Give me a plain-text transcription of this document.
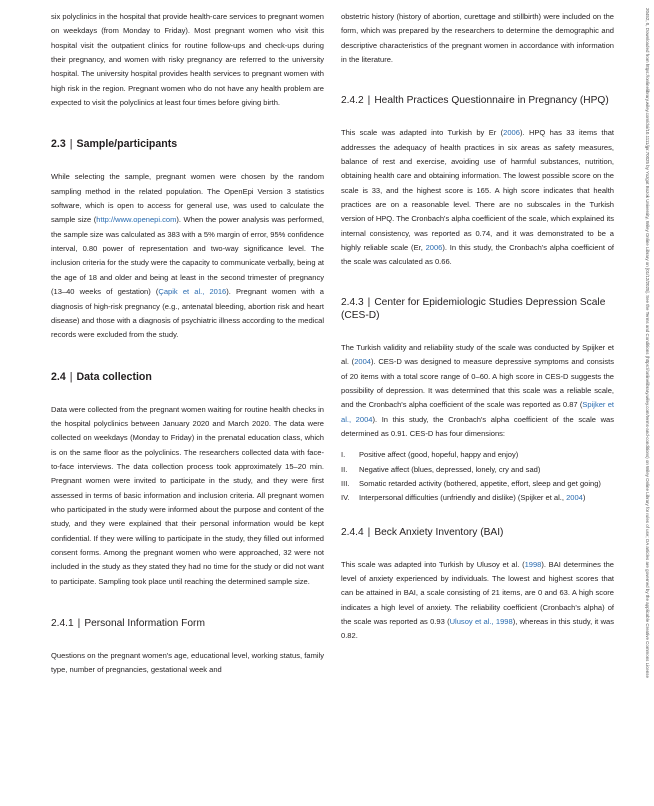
six polyclinics in the hospital that provide health-care services to pregnant women on weekdays (from Monday to Friday). Most pregnant women who visit this hospital visit the outpatient clinics for routine follow-ups and check-ups during their pregnancy, and women with risky pregnancy are referred to the university hospital. The university hospital provides health services to pregnant women with high risk in the region. Pregnant women who do not have any health problem are expected to visit the polyclinics at least four times before giving birth.

2.3 | Sample/participants

While selecting the sample, pregnant women were chosen by the random sampling method in the related population. The OpenEpi Version 3 statistics software, which is open to access for general use, was used to calculate the sample size (http://www.openepi.com). When the power analysis was performed, the sample size was calculated as 383 with a 5% margin of error, 95% confidence interval, 0.80 power of representation and two-way significance level. The inclusion criteria for the study were the capacity to communicate verbally, being at the age of 18 and older and being at least in the second trimester of pregnancy (13–40 weeks of gestation) (Çapik et al., 2016). Pregnant women with a diagnosis of high-risk pregnancy (e.g., antenatal bleeding, abortion risk and heart disease) and those with a diagnosis of psychiatric illness according to the medical records were excluded from the study.

2.4 | Data collection

Data were collected from the pregnant women waiting for routine health checks in the hospital polyclinics between January 2020 and March 2020. The data were collected on weekdays (Monday to Friday) in the prenatal education class, which is on the same floor as the polyclinics. The researchers collected data with face-to-face interviews. The data collection process took approximately 15–20 min. Pregnant women were invited to participate in the study, and they were first assessed in terms of basic information and inclusion criteria. All pregnant women who participated in the study were informed about the purpose and content of the study, and they were explained that their personal information would be kept confidential. If they were willing to participate in the study, they filled out informed consent forms. Among the pregnant women who were approached, 32 were not included in the study as they stated they had no time for the study or did not want to participate. Sampling took place until reaching the determined sample size.

2.4.1 | Personal Information Form

Questions on the pregnant women's age, educational level, working status, family type, number of pregnancies, gestational week and

obstetric history (history of abortion, curettage and stillbirth) were included on the form, which was prepared by the researchers to determine the demographic and descriptive characteristics of the pregnant women in accordance with information in the literature.

2.4.2 | Health Practices Questionnaire in Pregnancy (HPQ)

This scale was adapted into Turkish by Er (2006). HPQ has 33 items that addresses the adequacy of health practices in six areas as safety measures, balance of rest and exercise, avoiding use of harmful substances, nutrition, obtaining health care and obtaining information. The lowest possible score on the scale is 33, and the highest score is 165. A high score indicates that health practices are on a reasonable level. There are no subscales in the Turkish version of HPQ. The Cronbach's alpha coefficient of the scale, which explained its internal consistency, was reported as 0.74, and it was demonstrated to be a highly reliable scale (Er, 2006). In this study, the Cronbach's alpha coefficient of the scale was calculated as 0.66.

2.4.3 | Center for Epidemiologic Studies Depression Scale (CES-D)

The Turkish validity and reliability study of the scale was conducted by Spijker et al. (2004). CES-D was designed to measure depressive symptoms and consists of 20 items with a total score range of 0–60. A high score in CES-D suggests the possibility of depression. It was determined that this scale was a reliable scale, and the Cronbach's alpha coefficient of the scale was reported as 0.87 (Spijker et al., 2004). In this study, the Cronbach's alpha coefficient of the scale was determined as 0.91. CES-D has four dimensions:

I.	Positive affect (good, hopeful, happy and enjoy)
II.	Negative affect (blues, depressed, lonely, cry and sad)
III.	Somatic retarded activity (bothered, appetite, effort, sleep and get going)
IV.	Interpersonal difficulties (unfriendly and dislike) (Spijker et al., 2004)
2.4.4 | Beck Anxiety Inventory (BAI)

This scale was adapted into Turkish by Ulusoy et al. (1998). BAI determines the level of anxiety experienced by individuals. The lowest and highest scores that can be attained in BAI, a scale consisting of 21 items, are 0 and 63. A high score indicates a high level of anxiety. The reliability coefficient (Cronbach's alpha) of the scale was reported as 0.93 (Ulusoy et al., 1998), whereas in this study, it was 0.82.	20452, 0, Downloaded from https://onlinelibrary.wiley.com/doi/10.1111/jpr.70025 by Yozgat Bozok University, Wiley Online Library on [01/12/2025]. See the Terms and Conditions (https://onlinelibrary.wiley.com/terms-and-conditions) on Wiley Online Library for rules of use; OA articles are governed by the applicable Creative Commons License
